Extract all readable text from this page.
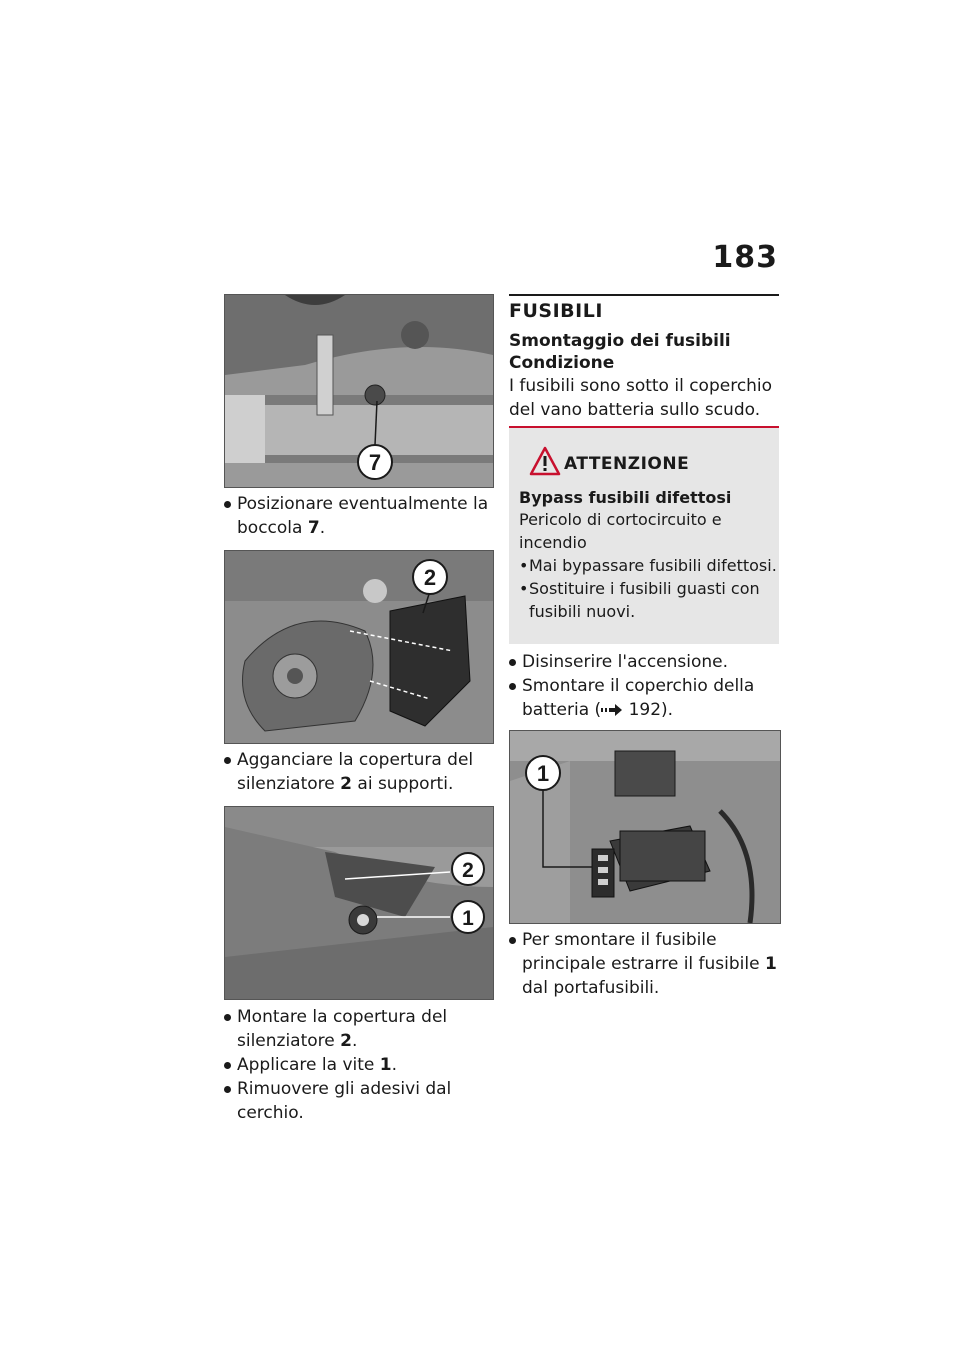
183
7
Posizionare eventualmente la boccola 7.
2
Agganciare la copertura del silenziatore 2 ai supporti.
2
1
Montare la copertura del silenziatore 2.
Applicare la vite 1.
Rimuovere gli adesivi dal cerchio.
FUSIBILI
Smontaggio dei fusibili
Condizione
I fusibili sono sotto il coperchio del vano batteria sullo scudo.
ATTENZIONE
Bypass fusibili difettosi
Pericolo di cortocircuito e incendio
• Mai bypassare fusibili difettosi.
• Sostituire i fusibili guasti con fusibili nuovi.
Disinserire l'accensione.
Smontare il coperchio della batteria ( 192).
1
Per smontare il fusibile principale estrarre il fusibile 1 dal portafusibili.
